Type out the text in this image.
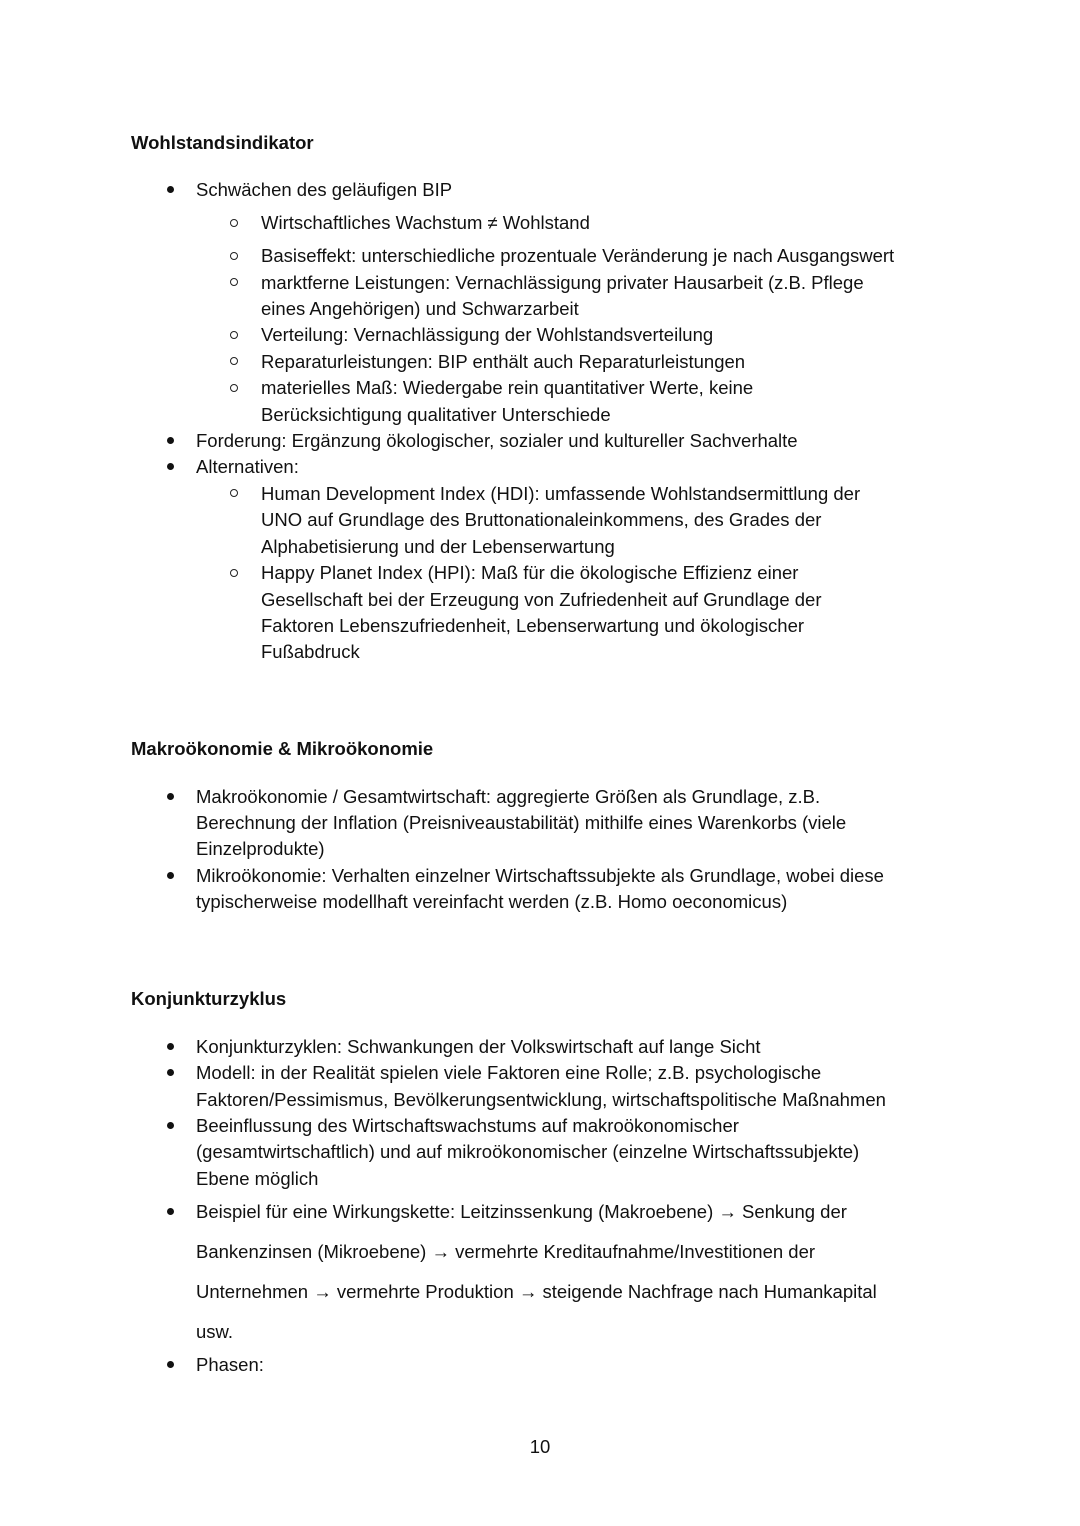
Wohlstandsindikator
Schwächen des geläufigen BIP
Wirtschaftliches Wachstum ≠ Wohlstand
Basiseffekt: unterschiedliche prozentuale Veränderung je nach Ausgangswert
marktferne Leistungen: Vernachlässigung privater Hausarbeit (z.B. Pflege
eines Angehörigen) und Schwarzarbeit
Verteilung: Vernachlässigung der Wohlstandsverteilung
Reparaturleistungen: BIP enthält auch Reparaturleistungen
materielles Maß: Wiedergabe rein quantitativer Werte, keine
Berücksichtigung qualitativer Unterschiede
Forderung: Ergänzung ökologischer, sozialer und kultureller Sachverhalte
Alternativen:
Human Development Index (HDI): umfassende Wohlstandsermittlung der
UNO auf Grundlage des Bruttonationaleinkommens, des Grades der
Alphabetisierung und der Lebenserwartung
Happy Planet Index (HPI): Maß für die ökologische Effizienz einer
Gesellschaft bei der Erzeugung von Zufriedenheit auf Grundlage der
Faktoren Lebenszufriedenheit, Lebenserwartung und ökologischer
Fußabdruck
Makroökonomie & Mikroökonomie
Makroökonomie / Gesamtwirtschaft: aggregierte Größen als Grundlage, z.B.
Berechnung der Inflation (Preisniveaustabilität) mithilfe eines Warenkorbs (viele
Einzelprodukte)
Mikroökonomie: Verhalten einzelner Wirtschaftssubjekte als Grundlage, wobei diese
typischerweise modellhaft vereinfacht werden (z.B. Homo oeconomicus)
Konjunkturzyklus
Konjunkturzyklen: Schwankungen der Volkswirtschaft auf lange Sicht
Modell: in der Realität spielen viele Faktoren eine Rolle; z.B. psychologische
Faktoren/Pessimismus, Bevölkerungsentwicklung, wirtschaftspolitische Maßnahmen
Beeinflussung des Wirtschaftswachstums auf makroökonomischer
(gesamtwirtschaftlich) und auf mikroökonomischer (einzelne Wirtschaftssubjekte)
Ebene möglich
Beispiel für eine Wirkungskette: Leitzinssenkung (Makroebene) → Senkung der
Bankenzinsen (Mikroebene) → vermehrte Kreditaufnahme/Investitionen der
Unternehmen → vermehrte Produktion → steigende Nachfrage nach Humankapital
usw.
Phasen:
10
